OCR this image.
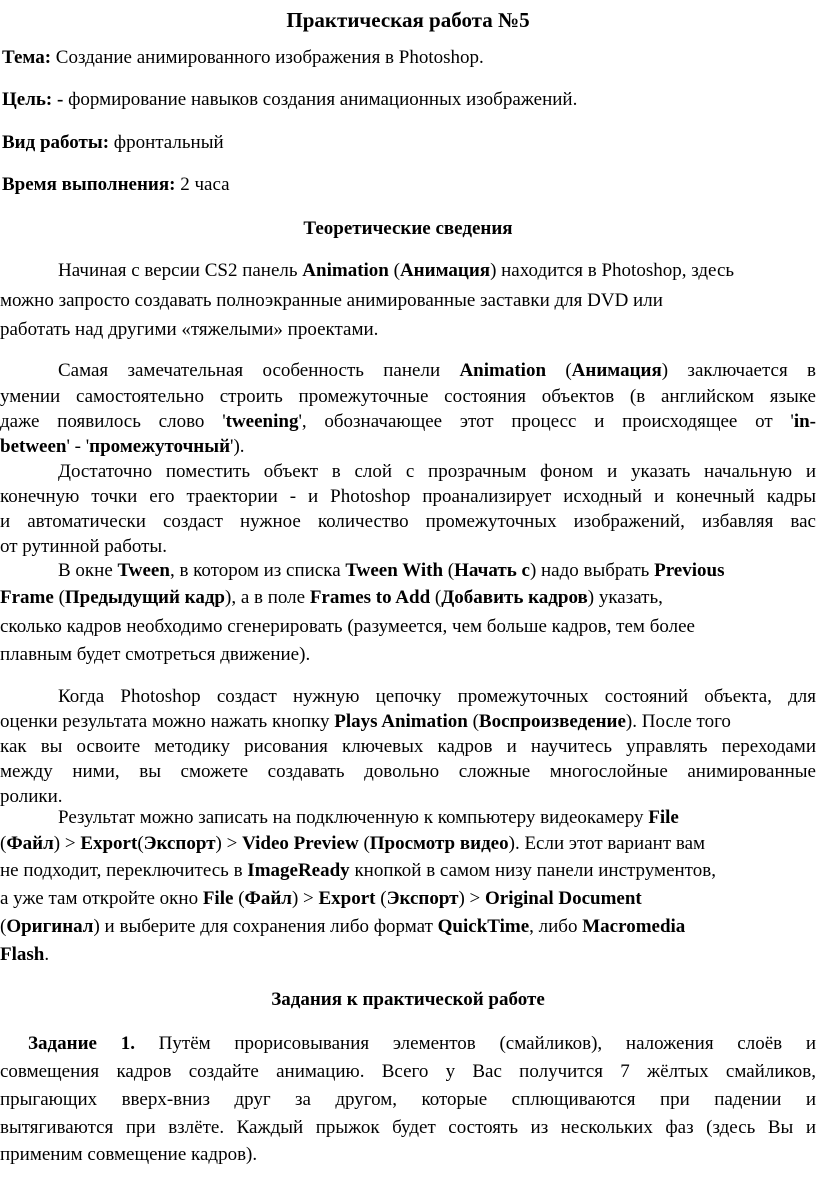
Практическая работа №5
Тема: Создание анимированного изображения в Photoshop.
Цель: - формирование навыков создания анимационных изображений.
Вид работы: фронтальный
Время выполнения: 2 часа
Теоретические сведения
Начиная с версии CS2 панель Animation (Анимация) находится в Photoshop, здесь
можно запросто создавать полноэкранные анимированные заставки для DVD или
работать над другими «тяжелыми» проектами.
Самая замечательная особенность панели Animation (Анимация) заключается в
умении самостоятельно строить промежуточные состояния объектов (в английском языке
даже появилось слово 'tweening', обозначающее этот процесс и происходящее от 'in-
between' - 'промежуточный').
Достаточно поместить объект в слой с прозрачным фоном и указать начальную и
конечную точки его траектории - и Photoshop проанализирует исходный и конечный кадры
и автоматически создаст нужное количество промежуточных изображений, избавляя вас
от рутинной работы.
В окне Tween, в котором из списка Tween With (Начать с) надо выбрать Previous
Frame (Предыдущий кадр), а в поле Frames to Add (Добавить кадров) указать,
сколько кадров необходимо сгенерировать (разумеется, чем больше кадров, тем более
плавным будет смотреться движение).
Когда Photoshop создаст нужную цепочку промежуточных состояний объекта, для
оценки результата можно нажать кнопку Plays Animation (Воспроизведение). После того
как вы освоите методику рисования ключевых кадров и научитесь управлять переходами
между ними, вы сможете создавать довольно сложные многослойные анимированные
ролики.
Результат можно записать на подключенную к компьютеру видеокамеру File
(Файл) > Export(Экспорт) > Video Preview (Просмотр видео). Если этот вариант вам
не подходит, переключитесь в ImageReady кнопкой в самом низу панели инструментов,
а уже там откройте окно File (Файл) > Export (Экспорт) > Original Document
(Оригинал) и выберите для сохранения либо формат QuickTime, либо Macromedia
Flash.
Задания к практической работе
Задание 1. Путём прорисовывания элементов (смайликов), наложения слоёв и
совмещения кадров создайте анимацию. Всего у Вас получится 7 жёлтых смайликов,
прыгающих вверх-вниз друг за другом, которые сплющиваются при падении и
вытягиваются при взлёте. Каждый прыжок будет состоять из нескольких фаз (здесь Вы и
применим совмещение кадров).
